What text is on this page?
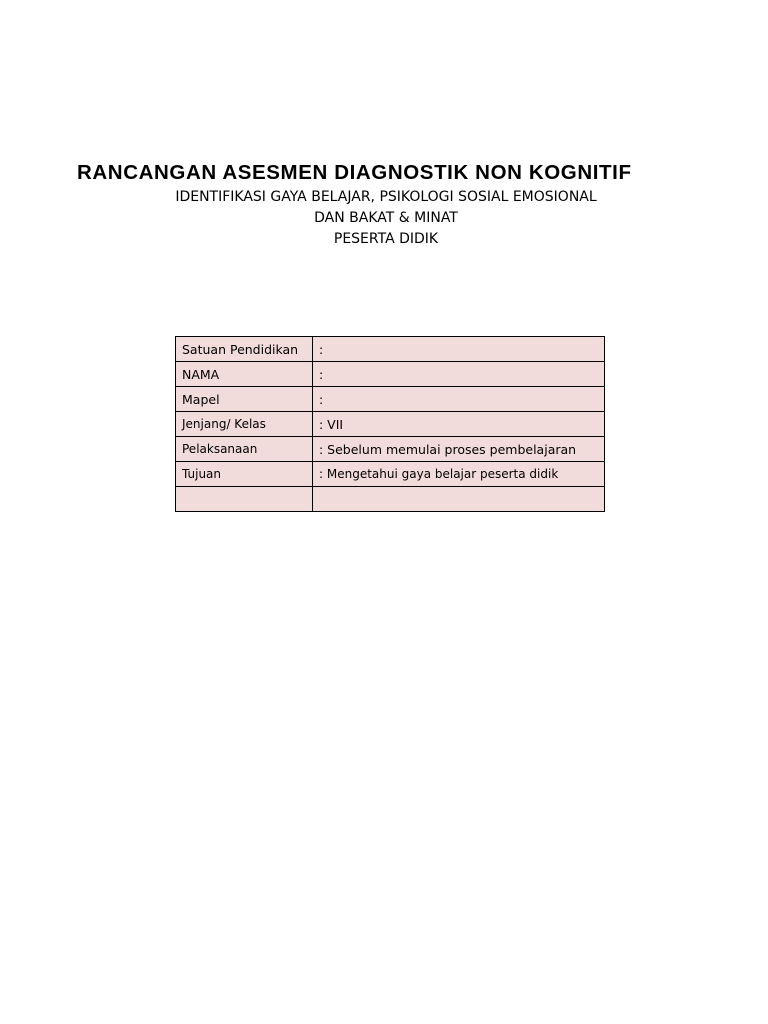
RANCANGAN ASESMEN DIAGNOSTIK NON KOGNITIF
IDENTIFIKASI GAYA BELAJAR, PSIKOLOGI SOSIAL EMOSIONAL
DAN BAKAT & MINAT
PESERTA DIDIK
Satuan Pendidikan	:
NAMA	:
Mapel	:
Jenjang/ Kelas	: VII
Pelaksanaan	: Sebelum memulai proses pembelajaran
Tujuan	: Mengetahui gaya belajar peserta didik
